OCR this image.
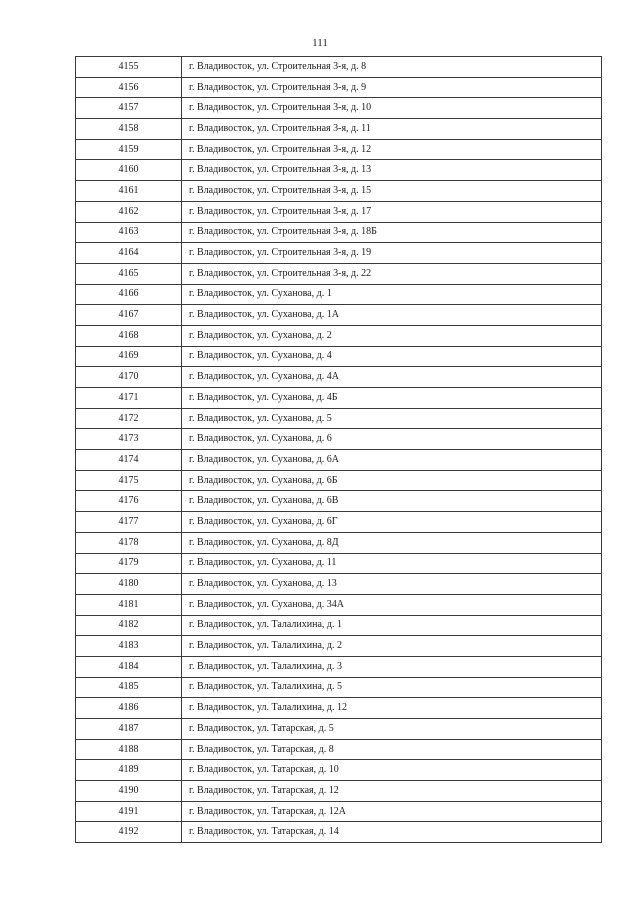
111
4155	г. Владивосток, ул. Строительная 3-я, д. 8
4156	г. Владивосток, ул. Строительная 3-я, д. 9
4157	г. Владивосток, ул. Строительная 3-я, д. 10
4158	г. Владивосток, ул. Строительная 3-я, д. 11
4159	г. Владивосток, ул. Строительная 3-я, д. 12
4160	г. Владивосток, ул. Строительная 3-я, д. 13
4161	г. Владивосток, ул. Строительная 3-я, д. 15
4162	г. Владивосток, ул. Строительная 3-я, д. 17
4163	г. Владивосток, ул. Строительная 3-я, д. 18Б
4164	г. Владивосток, ул. Строительная 3-я, д. 19
4165	г. Владивосток, ул. Строительная 3-я, д. 22
4166	г. Владивосток, ул. Суханова, д. 1
4167	г. Владивосток, ул. Суханова, д. 1А
4168	г. Владивосток, ул. Суханова, д. 2
4169	г. Владивосток, ул. Суханова, д. 4
4170	г. Владивосток, ул. Суханова, д. 4А
4171	г. Владивосток, ул. Суханова, д. 4Б
4172	г. Владивосток, ул. Суханова, д. 5
4173	г. Владивосток, ул. Суханова, д. 6
4174	г. Владивосток, ул. Суханова, д. 6А
4175	г. Владивосток, ул. Суханова, д. 6Б
4176	г. Владивосток, ул. Суханова, д. 6В
4177	г. Владивосток, ул. Суханова, д. 6Г
4178	г. Владивосток, ул. Суханова, д. 8Д
4179	г. Владивосток, ул. Суханова, д. 11
4180	г. Владивосток, ул. Суханова, д. 13
4181	г. Владивосток, ул. Суханова, д. 34А
4182	г. Владивосток, ул. Талалихина, д. 1
4183	г. Владивосток, ул. Талалихина, д. 2
4184	г. Владивосток, ул. Талалихина, д. 3
4185	г. Владивосток, ул. Талалихина, д. 5
4186	г. Владивосток, ул. Талалихина, д. 12
4187	г. Владивосток, ул. Татарская, д. 5
4188	г. Владивосток, ул. Татарская, д. 8
4189	г. Владивосток, ул. Татарская, д. 10
4190	г. Владивосток, ул. Татарская, д. 12
4191	г. Владивосток, ул. Татарская, д. 12А
4192	г. Владивосток, ул. Татарская, д. 14
